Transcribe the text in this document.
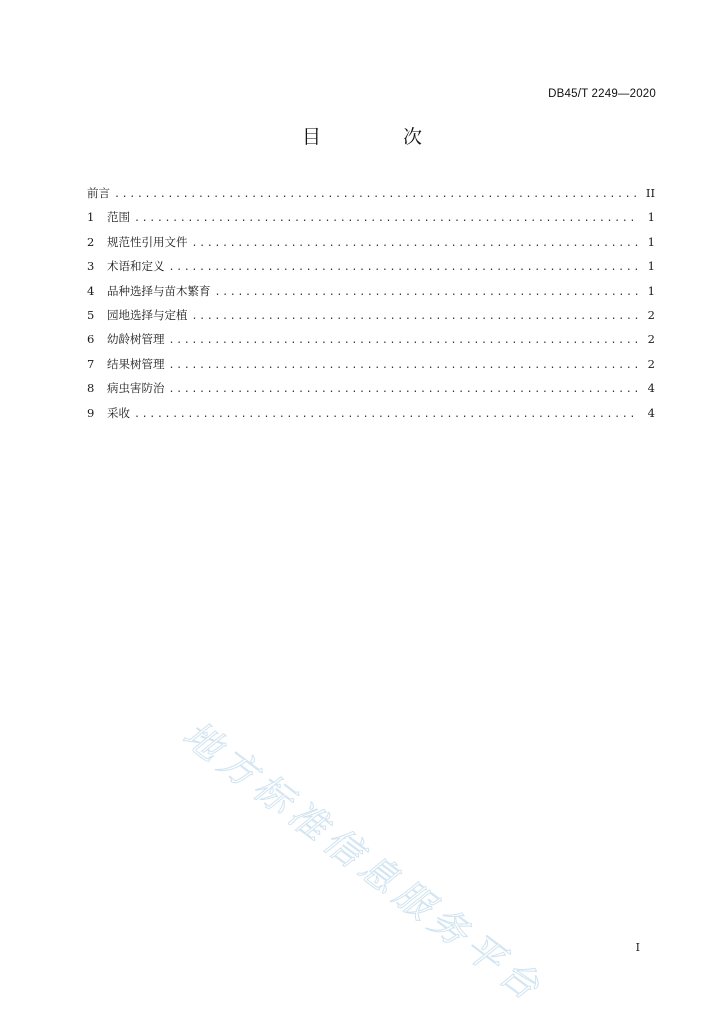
DB45/T 2249—2020
目 次
前言 .....	II
1	范围 .....	1
2	规范性引用文件 .....	1
3	术语和定义 .....	1
4	品种选择与苗木繁育 .....	1
5	园地选择与定植 .....	2
6	幼龄树管理 .....	2
7	结果树管理 .....	2
8	病虫害防治 .....	4
9	采收 .....	4
地方标准信息服务平台	I
